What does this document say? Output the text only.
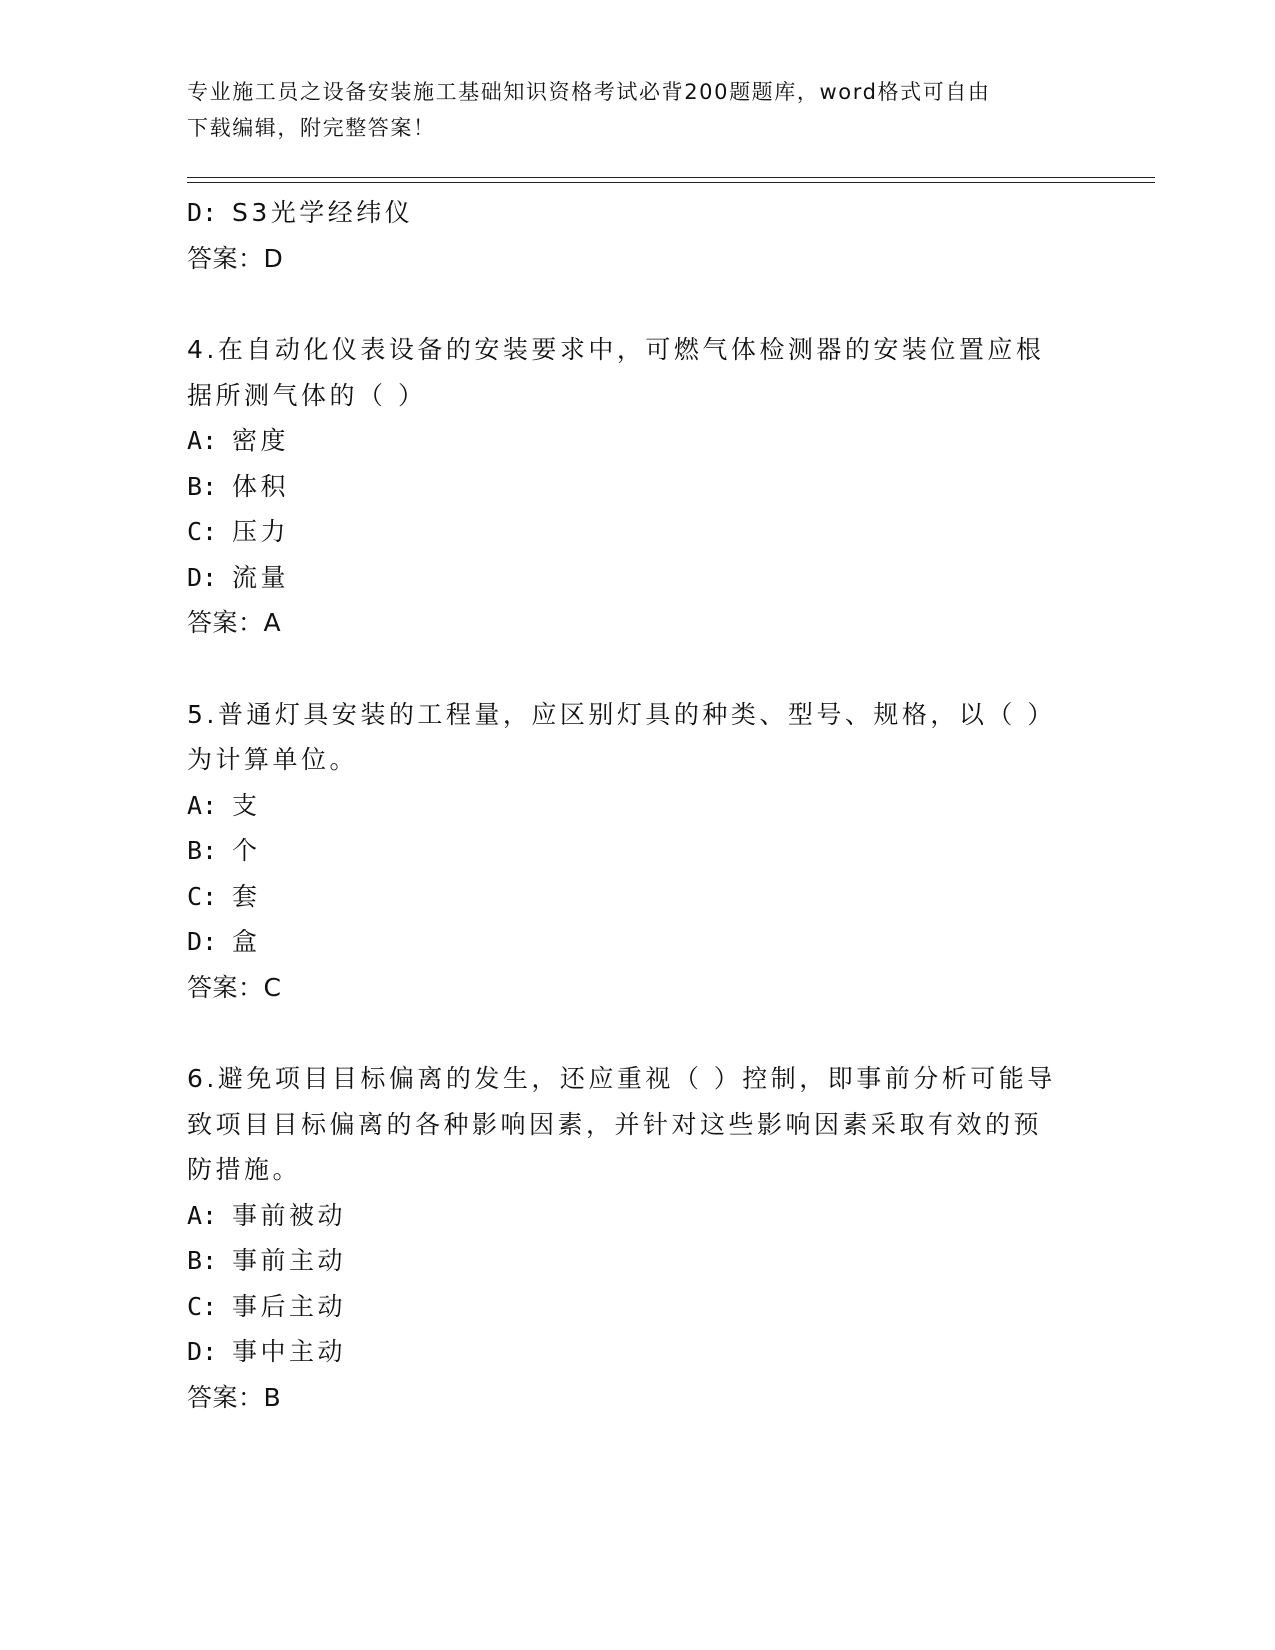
专业施工员之设备安装施工基础知识资格考试必背200题题库，word格式可自由
下载编辑，附完整答案！
D: S3光学经纬仪
答案：D
4.在自动化仪表设备的安装要求中，可燃气体检测器的安装位置应根
据所测气体的（ ）
A: 密度
B: 体积
C: 压力
D: 流量
答案：A
5.普通灯具安装的工程量，应区别灯具的种类、型号、规格，以（ ）
为计算单位。
A: 支
B: 个
C: 套
D: 盒
答案：C
6.避免项目目标偏离的发生，还应重视（ ）控制，即事前分析可能导
致项目目标偏离的各种影响因素，并针对这些影响因素采取有效的预
防措施。
A: 事前被动
B: 事前主动
C: 事后主动
D: 事中主动
答案：B
